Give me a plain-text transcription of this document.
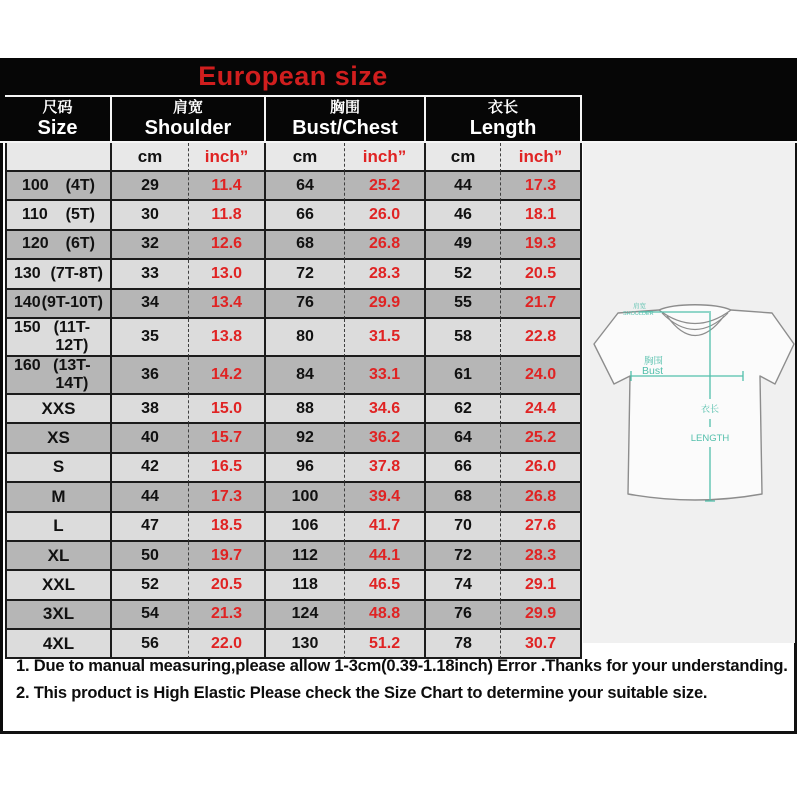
European size
尺码
Size

肩宽
Shoulder

胸围
Bust/Chest

衣长
Length

	cm	inch”	cm	inch”	cm	inch”

100 (4T)	29	11.4	64	25.2	44	17.3

110 (5T)	30	11.8	66	26.0	46	18.1

120 (6T)	32	12.6	68	26.8	49	19.3

130 (7T-8T)	33	13.0	72	28.3	52	20.5

140 (9T-10T)	34	13.4	76	29.9	55	21.7

150 (11T-12T)	35	13.8	80	31.5	58	22.8

160 (13T-14T)	36	14.2	84	33.1	61	24.0

XXS	38	15.0	88	34.6	62	24.4

XS	40	15.7	92	36.2	64	25.2

S	42	16.5	96	37.8	66	26.0

M	44	17.3	100	39.4	68	26.8

L	47	18.5	106	41.7	70	27.6

XL	50	19.7	112	44.1	72	28.3

XXL	52	20.5	118	46.5	74	29.1

3XL	54	21.3	124	48.8	76	29.9

4XL	56	22.0	130	51.2	78	30.7
肩宽
SHOULDER
胸围
Bust
衣长
LENGTH
1. Due to manual measuring,please allow 1-3cm(0.39-1.18inch) Error .Thanks for your understanding.
2. This product is High Elastic Please check the Size Chart to determine your suitable size.
